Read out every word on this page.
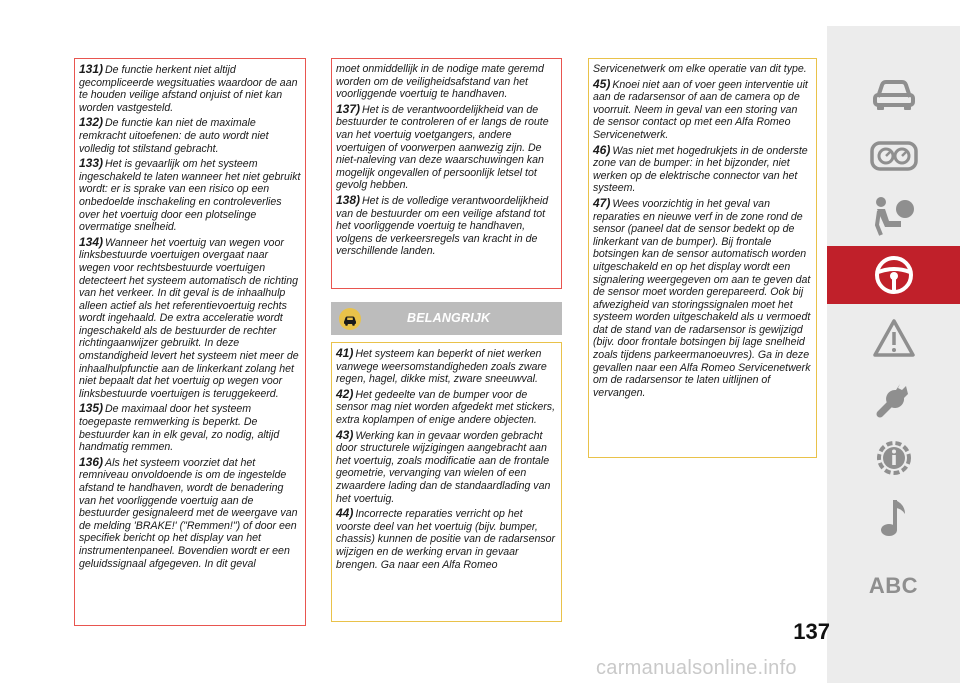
131) De functie herkent niet altijd gecompliceerde wegsituaties waardoor de aan te houden veilige afstand onjuist of niet kan worden vastgesteld.
132) De functie kan niet de maximale remkracht uitoefenen: de auto wordt niet volledig tot stilstand gebracht.
133) Het is gevaarlijk om het systeem ingeschakeld te laten wanneer het niet gebruikt wordt: er is sprake van een risico op een onbedoelde inschakeling en controleverlies over het voertuig door een plotselinge overmatige snelheid.
134) Wanneer het voertuig van wegen voor linksbestuurde voertuigen overgaat naar wegen voor rechtsbestuurde voertuigen detecteert het systeem automatisch de richting van het verkeer. In dit geval is de inhaalhulp alleen actief als het referentievoertuig rechts wordt ingehaald. De extra acceleratie wordt ingeschakeld als de bestuurder de rechter richtingaanwijzer gebruikt. In deze omstandigheid levert het systeem niet meer de inhaalhulpfunctie aan de linkerkant zolang het niet bepaalt dat het voertuig op wegen voor linksbestuurde voertuigen is teruggekeerd.
135) De maximaal door het systeem toegepaste remwerking is beperkt. De bestuurder kan in elk geval, zo nodig, altijd handmatig remmen.
136) Als het systeem voorziet dat het remniveau onvoldoende is om de ingestelde afstand te handhaven, wordt de benadering van het voorliggende voertuig aan de bestuurder gesignaleerd met de weergave van de melding 'BRAKE!' ("Remmen!") of door een specifiek bericht op het display van het instrumentenpaneel. Bovendien wordt er een geluidssignaal afgegeven. In dit geval
moet onmiddellijk in de nodige mate geremd worden om de veiligheidsafstand van het voorliggende voertuig te handhaven.
137) Het is de verantwoordelijkheid van de bestuurder te controleren of er langs de route van het voertuig voetgangers, andere voertuigen of voorwerpen aanwezig zijn. De niet-naleving van deze waarschuwingen kan mogelijk ongevallen of persoonlijk letsel tot gevolg hebben.
138) Het is de volledige verantwoordelijkheid van de bestuurder om een veilige afstand tot het voorliggende voertuig te handhaven, volgens de verkeersregels van kracht in de verschillende landen.
BELANGRIJK
41) Het systeem kan beperkt of niet werken vanwege weersomstandigheden zoals zware regen, hagel, dikke mist, zware sneeuwval.
42) Het gedeelte van de bumper voor de sensor mag niet worden afgedekt met stickers, extra koplampen of enige andere objecten.
43) Werking kan in gevaar worden gebracht door structurele wijzigingen aangebracht aan het voertuig, zoals modificatie aan de frontale geometrie, vervanging van wielen of een zwaardere lading dan de standaardlading van het voertuig.
44) Incorrecte reparaties verricht op het voorste deel van het voertuig (bijv. bumper, chassis) kunnen de positie van de radarsensor wijzigen en de werking ervan in gevaar brengen. Ga naar een Alfa Romeo
Servicenetwerk om elke operatie van dit type.
45) Knoei niet aan of voer geen interventie uit aan de radarsensor of aan de camera op de voorruit. Neem in geval van een storing van de sensor contact op met een Alfa Romeo Servicenetwerk.
46) Was niet met hogedrukjets in de onderste zone van de bumper: in het bijzonder, niet werken op de elektrische connector van het systeem.
47) Wees voorzichtig in het geval van reparaties en nieuwe verf in de zone rond de sensor (paneel dat de sensor bedekt op de linkerkant van de bumper). Bij frontale botsingen kan de sensor automatisch worden uitgeschakeld en op het display wordt een signalering weergegeven om aan te geven dat de sensor moet worden gerepareerd. Ook bij afwezigheid van storingssignalen moet het systeem worden uitgeschakeld als u vermoedt dat de stand van de radarsensor is gewijzigd (bijv. door frontale botsingen bij lage snelheid zoals tijdens parkeermanoeuvres). Ga in deze gevallen naar een Alfa Romeo Servicenetwerk om de radarsensor te laten uitlijnen of vervangen.
ABC
137
carmanualsonline.info
